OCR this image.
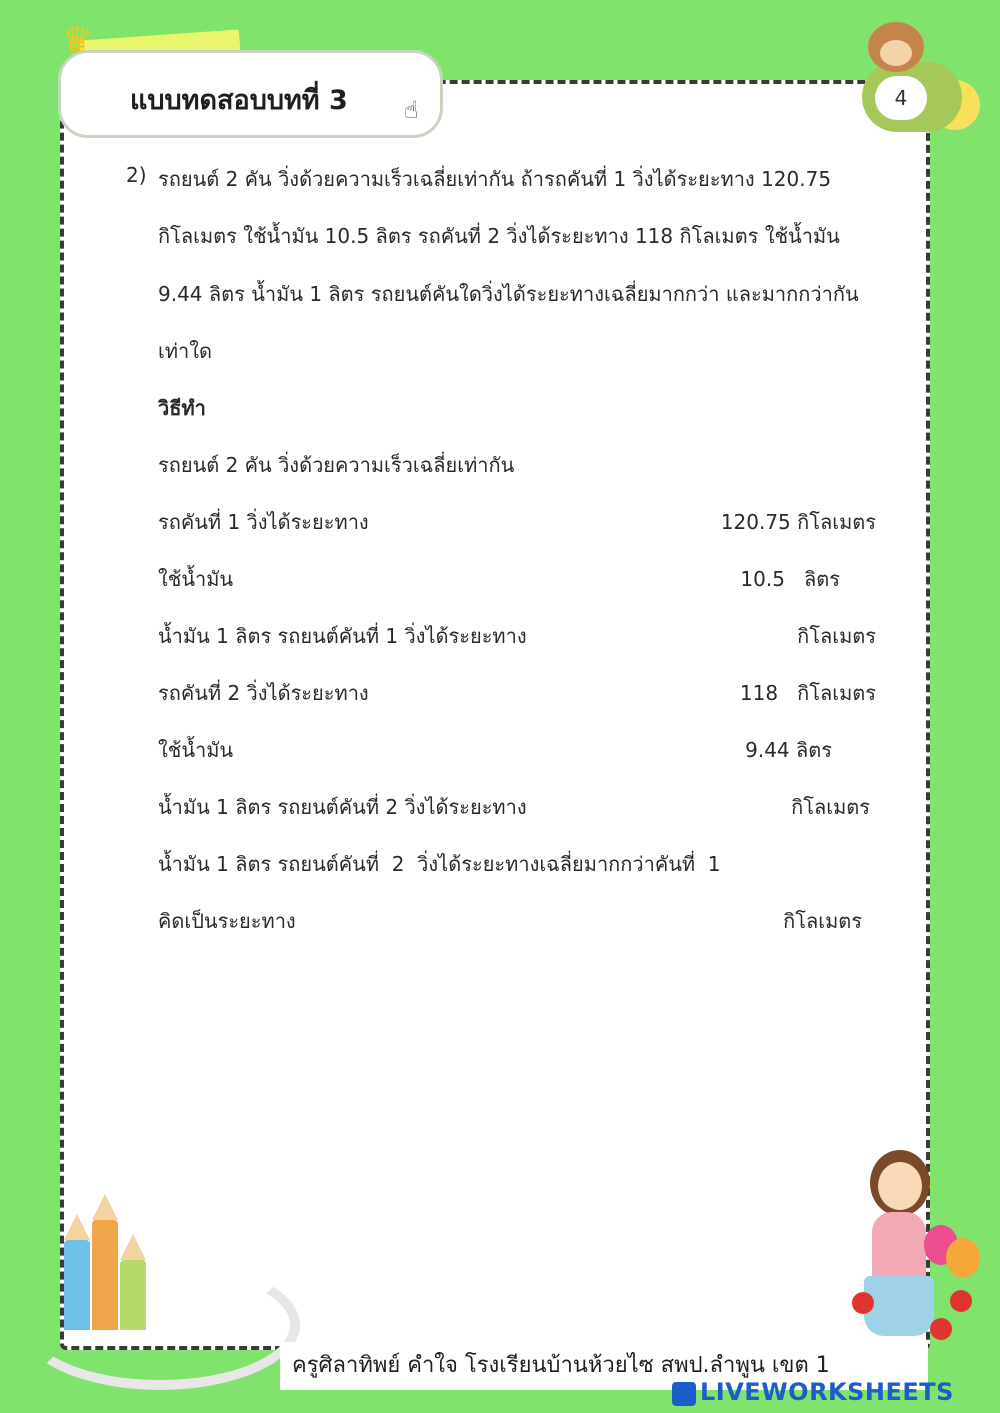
♛
แบบทดสอบบทที่ 3 ☝	4
2) รถยนต์ 2 คัน วิ่งด้วยความเร็วเฉลี่ยเท่ากัน ถ้ารถคันที่ 1 วิ่งได้ระยะทาง 120.75
กิโลเมตร ใช้น้ำมัน 10.5 ลิตร รถคันที่ 2 วิ่งได้ระยะทาง 118 กิโลเมตร ใช้น้ำมัน
9.44 ลิตร น้ำมัน 1 ลิตร รถยนต์คันใดวิ่งได้ระยะทางเฉลี่ยมากกว่า และมากกว่ากัน
เท่าใด
วิธีทำ
รถยนต์ 2 คัน วิ่งด้วยความเร็วเฉลี่ยเท่ากัน
รถคันที่ 1 วิ่งได้ระยะทาง	120.75 กิโลเมตร
ใช้น้ำมัน	10.5   ลิตร
น้ำมัน 1 ลิตร รถยนต์คันที่ 1 วิ่งได้ระยะทาง	กิโลเมตร
รถคันที่ 2 วิ่งได้ระยะทาง	118   กิโลเมตร
ใช้น้ำมัน	9.44 ลิตร
น้ำมัน 1 ลิตร รถยนต์คันที่ 2 วิ่งได้ระยะทาง	กิโลเมตร
น้ำมัน 1 ลิตร รถยนต์คันที่  2  วิ่งได้ระยะทางเฉลี่ยมากกว่าคันที่  1
คิดเป็นระยะทาง	กิโลเมตร
ครูศิลาทิพย์ คำใจ โรงเรียนบ้านห้วยไซ สพป.ลำพูน เขต 1
LIVEWORKSHEETS
